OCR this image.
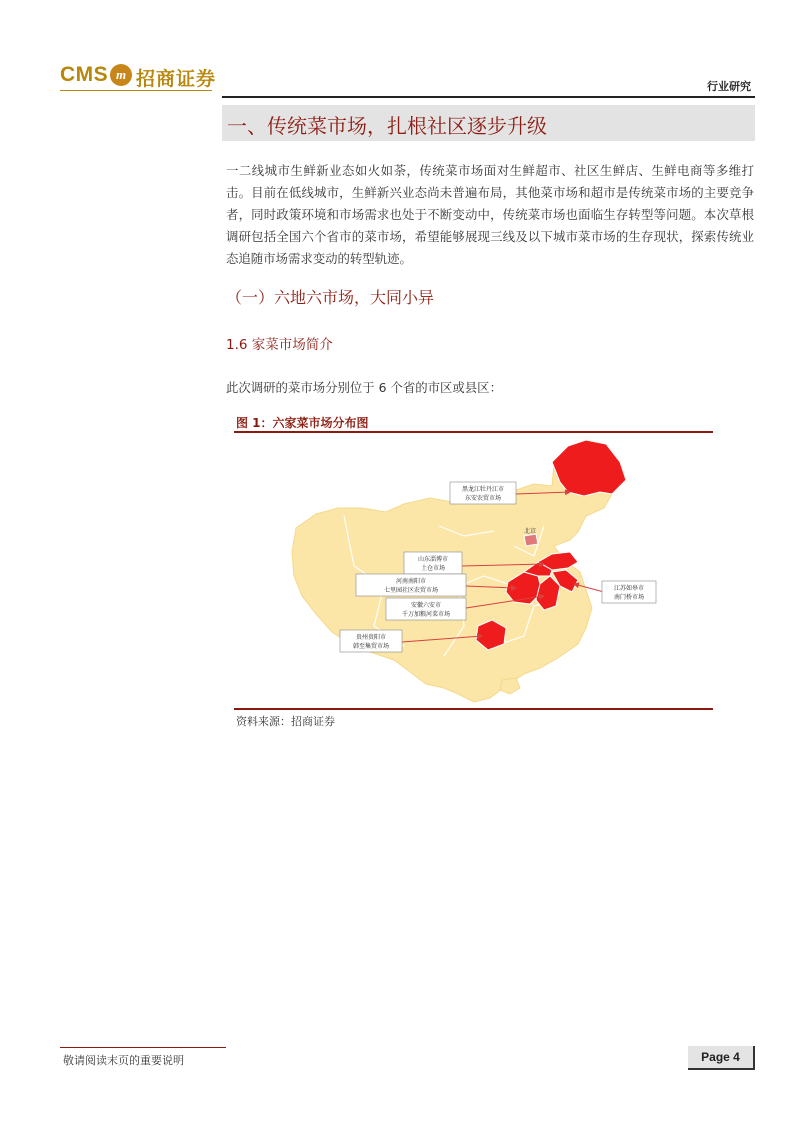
CMS m 招商证券	行业研究
一、传统菜市场，扎根社区逐步升级
一二线城市生鲜新业态如火如荼，传统菜市场面对生鲜超市、社区生鲜店、生鲜电商等多维打击。目前在低线城市，生鲜新兴业态尚未普遍布局，其他菜市场和超市是传统菜市场的主要竞争者，同时政策环境和市场需求也处于不断变动中，传统菜市场也面临生存转型等问题。本次草根调研包括全国六个省市的菜市场，希望能够展现三线及以下城市菜市场的生存现状，探索传统业态追随市场需求变动的转型轨迹。
（一）六地六市场，大同小异
1.6 家菜市场简介
此次调研的菜市场分别位于 6 个省的市区或县区：
图 1：六家菜市场分布图
北京
黑龙江牡丹江市
东安农贸市场
山东淄博市
土仓市场
河南南阳市
七里园社区农贸市场
安徽六安市
千万加粮河菜市场
贵州贵阳市
韩至集贸市场
江苏如皋市
南门桥市场
资料来源：招商证券
敬请阅读末页的重要说明	Page 4
